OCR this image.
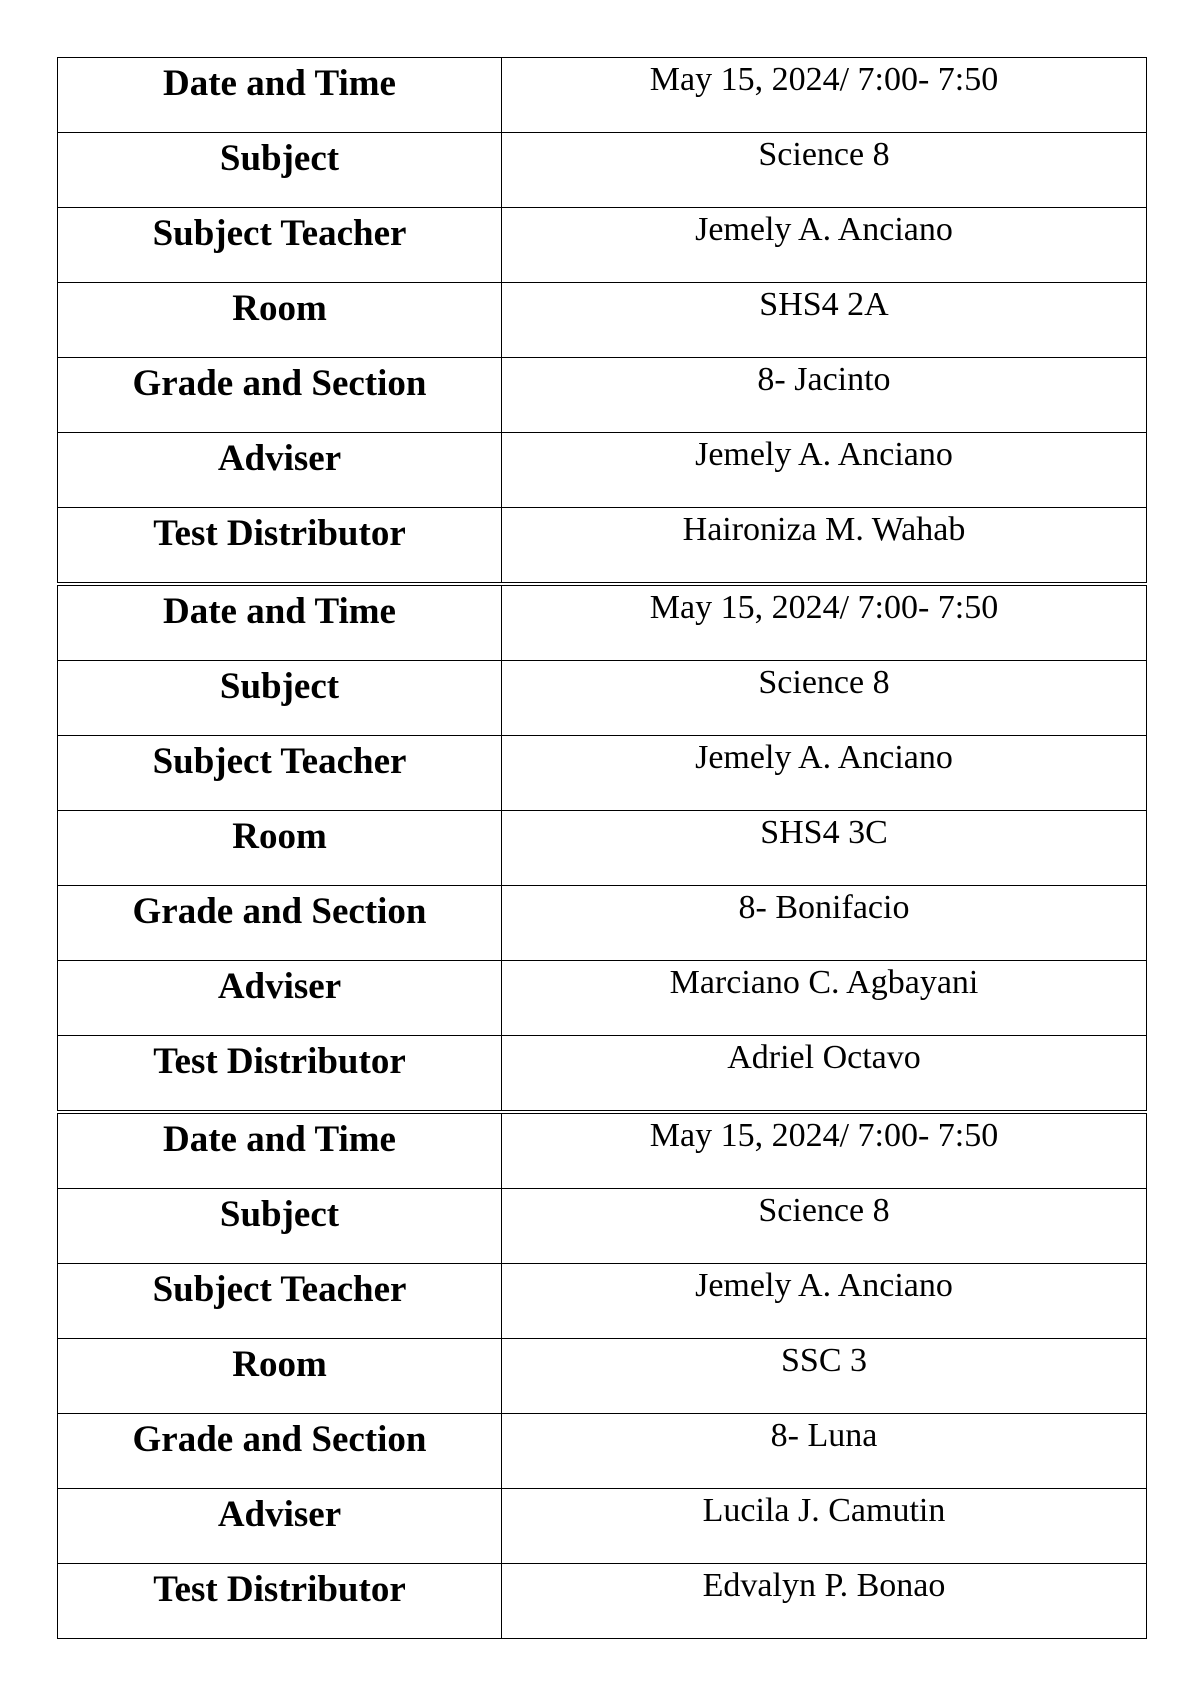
Date and Time	May 15, 2024/ 7:00- 7:50
Subject	Science 8
Subject Teacher	Jemely A. Anciano
Room	SHS4 2A
Grade and Section	8- Jacinto
Adviser	Jemely A. Anciano
Test Distributor	Haironiza M. Wahab
Date and Time	May 15, 2024/ 7:00- 7:50
Subject	Science 8
Subject Teacher	Jemely A. Anciano
Room	SHS4 3C
Grade and Section	8- Bonifacio
Adviser	Marciano C. Agbayani
Test Distributor	Adriel Octavo
Date and Time	May 15, 2024/ 7:00- 7:50
Subject	Science 8
Subject Teacher	Jemely A. Anciano
Room	SSC 3
Grade and Section	8- Luna
Adviser	Lucila J. Camutin
Test Distributor	Edvalyn P. Bonao
